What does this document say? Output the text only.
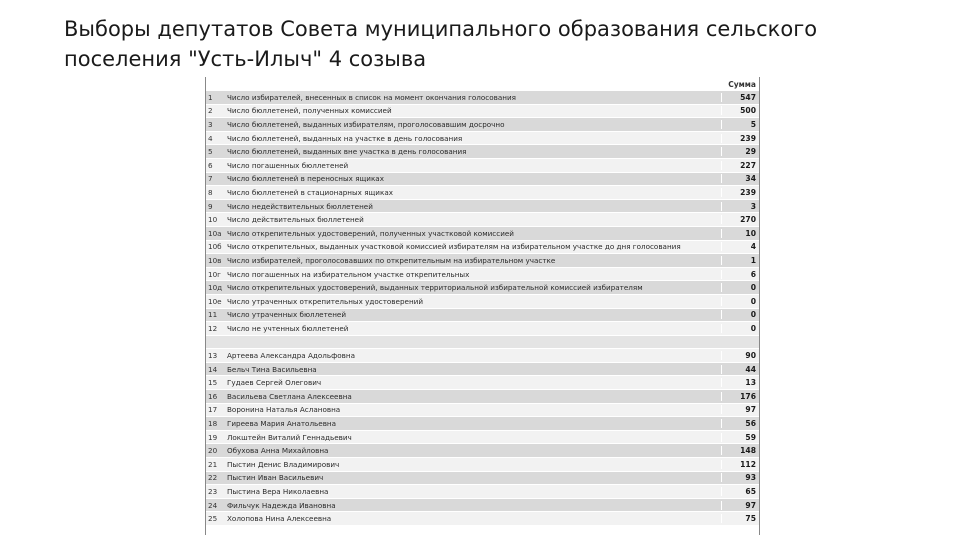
Выборы депутатов Совета муниципального образования сельского поселения "Усть-Илыч" 4 созыва
Сумма
1	Число избирателей, внесенных в список на момент окончания голосования	547
2	Число бюллетеней, полученных комиссией	500
3	Число бюллетеней, выданных избирателям, проголосовавшим досрочно	5
4	Число бюллетеней, выданных на участке в день голосования	239
5	Число бюллетеней, выданных вне участка в день голосования	29
6	Число погашенных бюллетеней	227
7	Число бюллетеней в переносных ящиках	34
8	Число бюллетеней в стационарных ящиках	239
9	Число недействительных бюллетеней	3
10	Число действительных бюллетеней	270
10а Число открепительных удостоверений, полученных участковой комиссией	10
10б Число открепительных, выданных участковой комиссией избирателям на избирательном участке до дня голосования	4
10в Число избирателей, проголосовавших по открепительным на избирательном участке	1
10г Число погашенных на избирательном участке открепительных	6
10д Число открепительных удостоверений, выданных территориальной избирательной комиссией избирателям	0
10е Число утраченных открепительных удостоверений	0
11	Число утраченных бюллетеней	0
12	Число не учтенных бюллетеней	0
13	Артеева Александра Адольфовна	90
14	Бельч Тина Васильевна	44
15	Гудаев Сергей Олегович	13
16	Васильева Светлана Алексеевна	176
17	Воронина Наталья Аслановна	97
18	Гиреева Мария Анатольевна	56
19	Локштейн Виталий Геннадьевич	59
20	Обухова Анна Михайловна	148
21	Пыстин Денис Владимирович	112
22	Пыстин Иван Васильевич	93
23	Пыстина Вера Николаевна	65
24	Фильчук Надежда Ивановна	97
25	Холопова Нина Алексеевна	75
